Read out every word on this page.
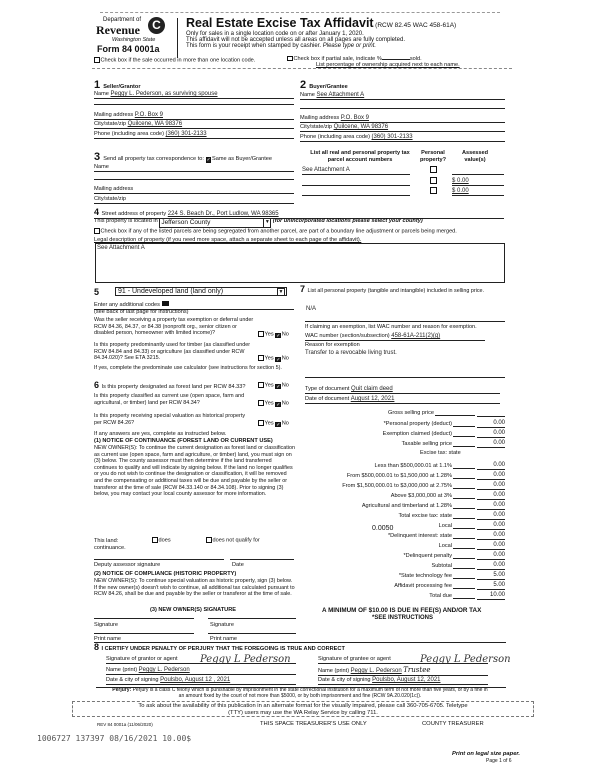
Department of
Revenue	C
Washington State
Form 84 0001a
Real Estate Excise Tax Affidavit (RCW 82.45 WAC 458-61A)
Only for sales in a single location code on or after January 1, 2020.
This affidavit will not be accepted unless all areas on all pages are fully completed.
This form is your receipt when stamped by cashier. Please type or print.
Check box if the sale occurred in more than one location code.	Check box if partial sale, indicate %	sold.
List percentage of ownership acquired next to each name.
1 Seller/Grantor
Name Peggy L. Pederson, as surviving spouse
Mailing address P.O. Box 9
City/state/zip Quilcene, WA 98376
Phone (including area code) (360) 301-2133
2 Buyer/Grantee
Name See Attachment A
Mailing address P.O. Box 9
City/state/zip Quilcene, WA 98376
Phone (including area code) (360) 301-2133
3 Send all property tax correspondence to: ✓Same as Buyer/Grantee
Name
Mailing address
City/state/zip
List all real and personal property tax parcel account numbers
Personal property?
Assessed value(s)
See Attachment A

$ 0.00

$ 0.00
4 Street address of property 224 S. Beach Dr., Port Ludlow, WA 98365
This property is located in Jefferson County	▼ (for unincorporated locations please select your county)
Check box if any of the listed parcels are being segregated from another parcel, are part of a boundary line adjustment or parcels being merged.
Legal description of property (if you need more space, attach a separate sheet to each page of the affidavit).
See Attachment A
5	91 - Undeveloped land (land only)	▼
Enter any additional codes
(see back of last page for instructions)
Was the seller receiving a property tax exemption or deferral under RCW 84.36, 84.37, or 84.38 (nonprofit org., senior citizen or disabled person, homeowner with limited income)?	Yes ✓No
Is this property predominantly used for timber (as classified under RCW 84.84 and 84.33) or agriculture (as classified under RCW 84.34.020)? See ETA 3215.	Yes ✓No
If yes, complete the predominate use calculator (see instructions for section 5).
6 Is this property designated as forest land per RCW 84.33?	Yes ✓No
Is this property classified as current use (open space, farm and agricultural, or timber) land per RCW 84.34?	Yes ✓No
Is this property receiving special valuation as historical property per RCW 84.26?	Yes ✓No
If any answers are yes, complete as instructed below.
(1) NOTICE OF CONTINUANCE (FOREST LAND OR CURRENT USE)
NEW OWNER(S): To continue the current designation as forest land or classification as current use (open space, farm and agriculture, or timber) land, you must sign on (3) below. The county assessor must then determine if the land transferred continues to qualify and will indicate by signing below. If the land no longer qualifies or you do not wish to continue the designation or classification, it will be removed and the compensating or additional taxes will be due and payable by the seller or transferor at the time of sale (RCW 84.33.140 or 84.34.108). Prior to signing (3) below, you may contact your local county assessor for more information.
This land:
continuance.
does	does not qualify for
Deputy assessor signature	Date
(2) NOTICE OF COMPLIANCE (HISTORIC PROPERTY)
NEW OWNER(S): To continue special valuation as historic property, sign (3) below. If the new owner(s) doesn't wish to continue, all additional tax calculated pursuant to RCW 84.26, shall be due and payable by the seller or transferor at the time of sale.
(3) NEW OWNER(S) SIGNATURE
Signature	Signature
Print name	Print name
7 List all personal property (tangible and intangible) included in selling price.
N/A
If claiming an exemption, list WAC number and reason for exemption.
WAC number (section/subsection) 458-61A-211(2)(g)
Reason for exemption
Transfer to a revocable living trust.
Type of document Quit claim deed
Date of document August 12, 2021
Gross selling price
*Personal property (deduct)	0.00
Exemption claimed (deduct)	0.00
Taxable selling price	0.00
Excise tax: state
Less than $500,000.01 at 1.1%	0.00
From $500,000.01 to $1,500,000 at 1.28%	0.00
From $1,500,000.01 to $3,000,000 at 2.75%	0.00
Above $3,000,000 at 3%	0.00
Agricultural and timberland at 1.28%	0.00
Total excise tax: state	0.00
Local	0.00
*Delinquent interest: state	0.00
Local	0.00
*Delinquent penalty	0.00
Subtotal	0.00
*State technology fee	5.00
Affidavit processing fee	5.00
Total due	10.00
0.0050
A MINIMUM OF $10.00 IS DUE IN FEE(S) AND/OR TAX
*SEE INSTRUCTIONS
8 I CERTIFY UNDER PENALTY OF PERJURY THAT THE FOREGOING IS TRUE AND CORRECT
Signature of grantor or agent	Peggy L Pederson
Name (print) Peggy L. Pederson
Date & city of signing Poulsbo, August 12 , 2021
Signature of grantee or agent	Peggy L Pederson
Name (print) Peggy L. Pederson Trustee
Date & city of signing Poulsbo, August 12, 2021
Perjury: Perjury is a class C felony which is punishable by imprisonment in the state correctional institution for a maximum term of not more than five years, or by a fine in an amount fixed by the court of not more than $5000, or by both imprisonment and fine (RCW 9A.20.020(1c)).
To ask about the availability of this publication in an alternate format for the visually impaired, please call 360-705-6705. Teletype (TTY) users may use the WA Relay Service by calling 711.
REV 84 0001a (11/06/2020)	THIS SPACE TREASURER'S USE ONLY	COUNTY TREASURER
1006727 137397 08/16/2021 10.00$
Print on legal size paper.
Page 1 of 6
